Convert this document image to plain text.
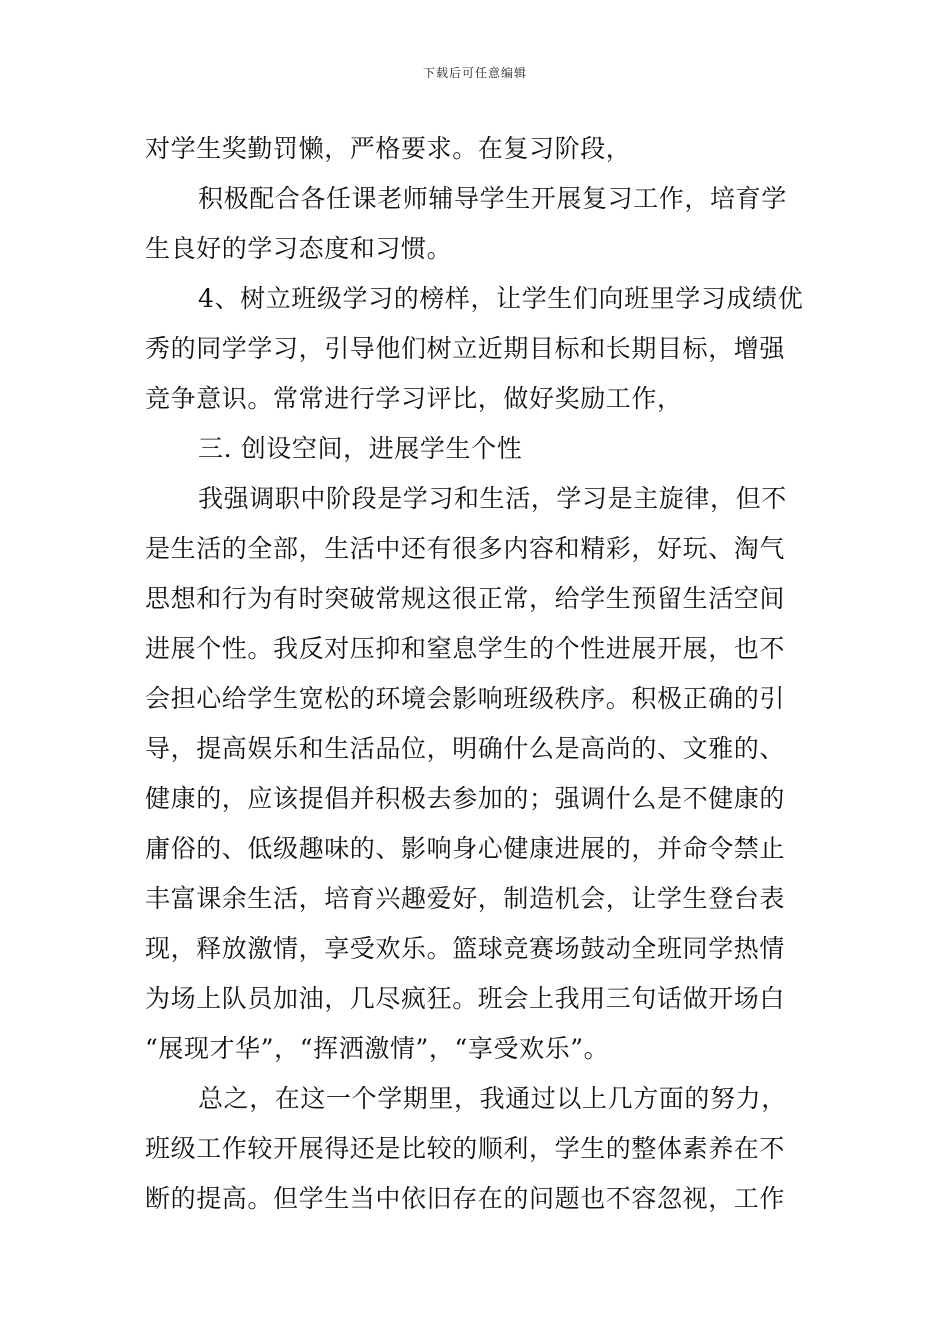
下载后可任意编辑
对学生奖勤罚懒，严格要求。在复习阶段，
积极配合各任课老师辅导学生开展复习工作，培育学
生良好的学习态度和习惯。
4、树立班级学习的榜样，让学生们向班里学习成绩优
秀的同学学习，引导他们树立近期目标和长期目标，增强
竞争意识。常常进行学习评比，做好奖励工作，
三. 创设空间，进展学生个性
我强调职中阶段是学习和生活，学习是主旋律，但不
是生活的全部，生活中还有很多内容和精彩，好玩、淘气
思想和行为有时突破常规这很正常，给学生预留生活空间
进展个性。我反对压抑和窒息学生的个性进展开展，也不
会担心给学生宽松的环境会影响班级秩序。积极正确的引
导，提高娱乐和生活品位，明确什么是高尚的、文雅的、
健康的，应该提倡并积极去参加的；强调什么是不健康的
庸俗的、低级趣味的、影响身心健康进展的，并命令禁止
丰富课余生活，培育兴趣爱好，制造机会，让学生登台表
现，释放激情，享受欢乐。篮球竞赛场鼓动全班同学热情
为场上队员加油，几尽疯狂。班会上我用三句话做开场白
“展现才华”，“挥洒激情”，“享受欢乐”。
总之，在这一个学期里，我通过以上几方面的努力，
班级工作较开展得还是比较的顺利，学生的整体素养在不
断的提高。但学生当中依旧存在的问题也不容忽视，工作
